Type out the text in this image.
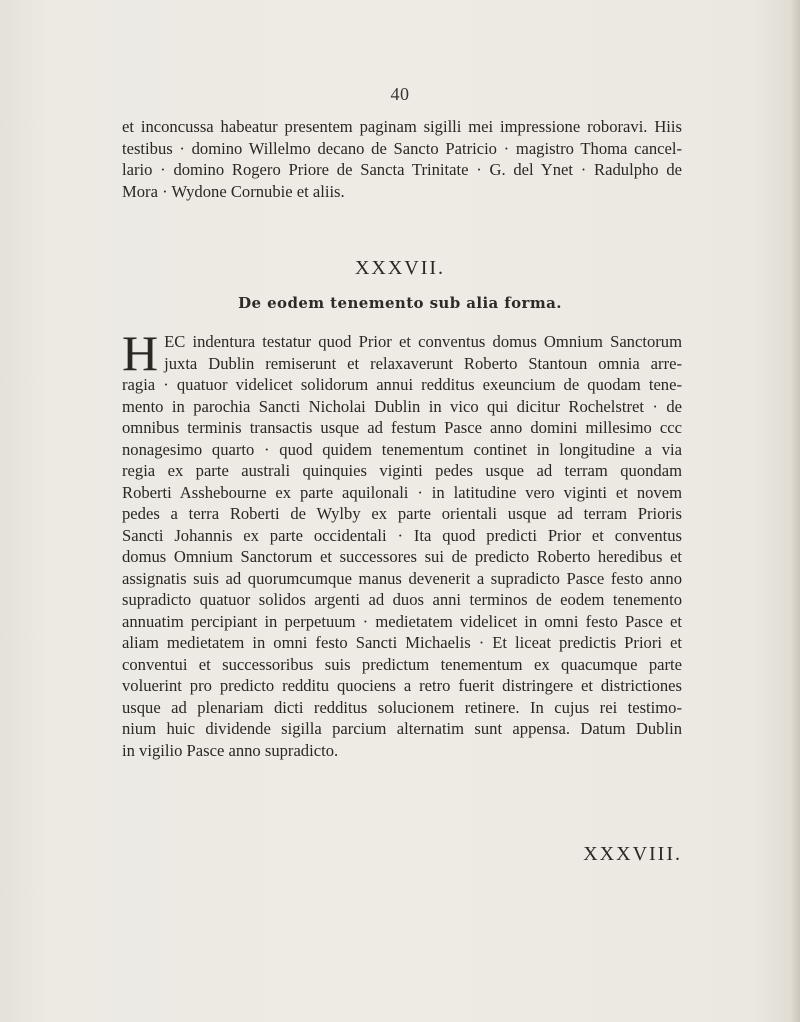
40
et inconcussa habeatur presentem paginam sigilli mei impressione roboravi. Hiis
testibus · domino Willelmo decano de Sancto Patricio · magistro Thoma cancel-
lario · domino Rogero Priore de Sancta Trinitate · G. del Ynet · Radulpho de
Mora · Wydone Cornubie et aliis.
XXXVII.
De eodem tenemento sub alia forma.
H EC indentura testatur quod Prior et conventus domus Omnium Sanctorum
juxta Dublin remiserunt et relaxaverunt Roberto Stantoun omnia arre-
ragia · quatuor videlicet solidorum annui redditus exeuncium de quodam tene-
mento in parochia Sancti Nicholai Dublin in vico qui dicitur Rochelstret · de
omnibus terminis transactis usque ad festum Pasce anno domini millesimo ccc
nonagesimo quarto · quod quidem tenementum continet in longitudine a via
regia ex parte australi quinquies viginti pedes usque ad terram quondam
Roberti Asshebourne ex parte aquilonali · in latitudine vero viginti et novem
pedes a terra Roberti de Wylby ex parte orientali usque ad terram Prioris
Sancti Johannis ex parte occidentali · Ita quod predicti Prior et conventus
domus Omnium Sanctorum et successores sui de predicto Roberto heredibus et
assignatis suis ad quorumcumque manus devenerit a supradicto Pasce festo anno
supradicto quatuor solidos argenti ad duos anni terminos de eodem tenemento
annuatim percipiant in perpetuum · medietatem videlicet in omni festo Pasce et
aliam medietatem in omni festo Sancti Michaelis · Et liceat predictis Priori et
conventui et successoribus suis predictum tenementum ex quacumque parte
voluerint pro predicto redditu quociens a retro fuerit distringere et districtiones
usque ad plenariam dicti redditus solucionem retinere. In cujus rei testimo-
nium huic dividende sigilla parcium alternatim sunt appensa. Datum Dublin
in vigilio Pasce anno supradicto.
XXXVIII.
